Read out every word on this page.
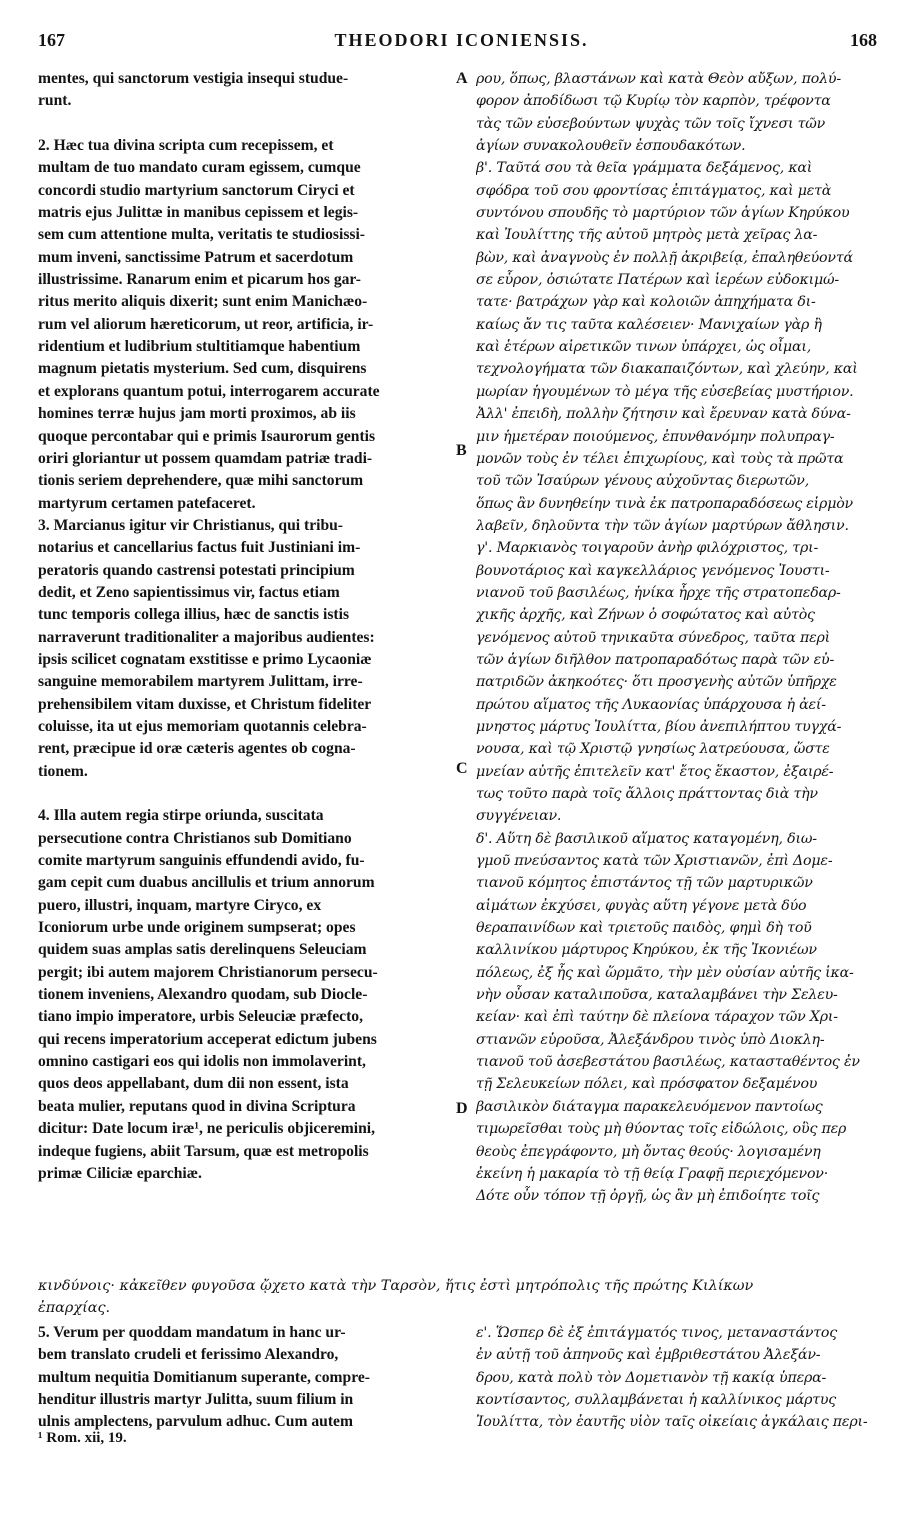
167	THEODORI ICONIENSIS.	168
mentes, qui sanctorum vestigia insequi studue-
runt.
2. Hæc tua divina scripta cum recepissem, et
multam de tuo mandato curam egissem, cumque
concordi studio martyrium sanctorum Ciryci et
matris ejus Julittæ in manibus cepissem et legis-
sem cum attentione multa, veritatis te studiosissi-
mum inveni, sanctissime Patrum et sacerdotum
illustrissime. Ranarum enim et picarum hos gar-
ritus merito aliquis dixerit; sunt enim Manichæo-
rum vel aliorum hæreticorum, ut reor, artificia, ir-
ridentium et ludibrium stultitiamque habentium
magnum pietatis mysterium. Sed cum, disquirens
et explorans quantum potui, interrogarem accurate
homines terræ hujus jam morti proximos, ab iis
quoque percontabar qui e primis Isaurorum gentis
oriri gloriantur ut possem quamdam patriæ tradi-
tionis seriem deprehendere, quæ mihi sanctorum
martyrum certamen patefaceret.
3. Marcianus igitur vir Christianus, qui tribu-
notarius et cancellarius factus fuit Justiniani im-
peratoris quando castrensi potestati principium
dedit, et Zeno sapientissimus vir, factus etiam
tunc temporis collega illius, hæc de sanctis istis
narraverunt traditionaliter a majoribus audientes:
ipsis scilicet cognatam exstitisse e primo Lycaoniæ
sanguine memorabilem martyrem Julittam, irre-
prehensibilem vitam duxisse, et Christum fideliter
coluisse, ita ut ejus memoriam quotannis celebra-
rent, præcipue id oræ cæteris agentes ob cogna-
tionem.
4. Illa autem regia stirpe oriunda, suscitata
persecutione contra Christianos sub Domitiano
comite martyrum sanguinis effundendi avido, fu-
gam cepit cum duabus ancillulis et trium annorum
puero, illustri, inquam, martyre Ciryco, ex
Iconiorum urbe unde originem sumpserat; opes
quidem suas amplas satis derelinquens Seleuciam
pergit; ibi autem majorem Christianorum persecu-
tionem inveniens, Alexandro quodam, sub Diocle-
tiano impio imperatore, urbis Seleuciæ præfecto,
qui recens imperatorium acceperat edictum jubens
omnino castigari eos qui idolis non immolaverint,
quos deos appellabant, dum dii non essent, ista
beata mulier, reputans quod in divina Scriptura
dicitur: Date locum iræ¹, ne periculis objiceremini,
indeque fugiens, abiit Tarsum, quæ est metropolis
primæ Ciliciæ eparchiæ.
ρου, ὅπως, βλαστάνων καὶ κατὰ Θεὸν αὔξων, πολύ-
φορον ἀποδίδωσι τῷ Κυρίῳ τὸν καρπὸν, τρέφοντα
τὰς τῶν εὐσεβούντων ψυχὰς τῶν τοῖς ἴχνεσι τῶν
ἁγίων συνακολουθεῖν ἐσπουδακότων.
β'. Ταῦτά σου τὰ θεῖα γράμματα δεξάμενος, καὶ
σφόδρα τοῦ σου φροντίσας ἐπιτάγματος, καὶ μετὰ
συντόνου σπουδῆς τὸ μαρτύριον τῶν ἁγίων Κηρύκου
καὶ Ἰουλίττης τῆς αὐτοῦ μητρὸς μετὰ χεῖρας λα-
βὼν, καὶ ἀναγνοὺς ἐν πολλῇ ἀκριβείᾳ, ἐπαληθεύοντά
σε εὗρον, ὁσιώτατε Πατέρων καὶ ἱερέων εὐδοκιμώ-
τατε· βατράχων γὰρ καὶ κολοιῶν ἀπηχήματα δι-
καίως ἄν τις ταῦτα καλέσειεν· Μανιχαίων γὰρ ἢ
καὶ ἑτέρων αἱρετικῶν τινων ὑπάρχει, ὡς οἶμαι,
τεχνολογήματα τῶν διακαπαιζόντων, καὶ χλεύην, καὶ
μωρίαν ἡγουμένων τὸ μέγα τῆς εὐσεβείας μυστήριον.
Ἀλλ' ἐπειδὴ, πολλὴν ζήτησιν καὶ ἔρευναν κατὰ δύνα-
μιν ἡμετέραν ποιούμενος, ἐπυνθανόμην πολυπραγ-
μονῶν τοὺς ἐν τέλει ἐπιχωρίους, καὶ τοὺς τὰ πρῶτα
τοῦ τῶν Ἰσαύρων γένους αὐχοῦντας διερωτῶν,
ὅπως ἂν δυνηθείην τινὰ ἐκ πατροπαραδόσεως εἱρμὸν
λαβεῖν, δηλοῦντα τὴν τῶν ἁγίων μαρτύρων ἄθλησιν.
γ'. Μαρκιανὸς τοιγαροῦν ἀνὴρ φιλόχριστος, τρι-
βουνοτάριος καὶ καγκελλάριος γενόμενος Ἰουστι-
νιανοῦ τοῦ βασιλέως, ἡνίκα ἦρχε τῆς στρατοπεδαρ-
χικῆς ἀρχῆς, καὶ Ζήνων ὁ σοφώτατος καὶ αὐτὸς
γενόμενος αὐτοῦ τηνικαῦτα σύνεδρος, ταῦτα περὶ
τῶν ἁγίων διῆλθον πατροπαραδότως παρὰ τῶν εὐ-
πατριδῶν ἀκηκοότες· ὅτι προσγενὴς αὐτῶν ὑπῆρχε
πρώτου αἵματος τῆς Λυκαονίας ὑπάρχουσα ἡ ἀεί-
μνηστος μάρτυς Ἰουλίττα, βίου ἀνεπιλήπτου τυγχά-
νουσα, καὶ τῷ Χριστῷ γνησίως λατρεύουσα, ὥστε
μνείαν αὐτῆς ἐπιτελεῖν κατ' ἔτος ἕκαστον, ἐξαιρέ-
τως τοῦτο παρὰ τοῖς ἄλλοις πράττοντας διὰ τὴν
συγγένειαν.
δ'. Αὕτη δὲ βασιλικοῦ αἵματος καταγομένη, διω-
γμοῦ πνεύσαντος κατὰ τῶν Χριστιανῶν, ἐπὶ Δομε-
τιανοῦ κόμητος ἐπιστάντος τῇ τῶν μαρτυρικῶν
αἱμάτων ἐκχύσει, φυγὰς αὕτη γέγονε μετὰ δύο
θεραπαινίδων καὶ τριετοῦς παιδὸς, φημὶ δὴ τοῦ
καλλινίκου μάρτυρος Κηρύκου, ἐκ τῆς Ἰκονιέων
πόλεως, ἐξ ἧς καὶ ὥρμᾶτο, τὴν μὲν οὐσίαν αὐτῆς ἱκα-
νὴν οὖσαν καταλιποῦσα, καταλαμβάνει τὴν Σελευ-
κείαν· καὶ ἐπὶ ταύτην δὲ πλείονα τάραχον τῶν Χρι-
στιανῶν εὑροῦσα, Ἀλεξάνδρου τινὸς ὑπὸ Διοκλη-
τιανοῦ τοῦ ἀσεβεστάτου βασιλέως, κατασταθέντος ἐν
τῇ Σελευκείων πόλει, καὶ πρόσφατον δεξαμένου
βασιλικὸν διάταγμα παρακελευόμενον παντοίως
τιμωρεῖσθαι τοὺς μὴ θύοντας τοῖς εἰδώλοις, οὓς περ
θεοὺς ἐπεγράφοντο, μὴ ὄντας θεούς· λογισαμένη
ἐκείνη ἡ μακαρία τὸ τῇ θείᾳ Γραφῇ περιεχόμενον·
Δότε οὖν τόπον τῇ ὀργῇ, ὡς ἂν μὴ ἐπιδοίητε τοῖς
A
B
C
D
κινδύνοις· κἀκεῖθεν φυγοῦσα ᾤχετο κατὰ τὴν Ταρσὸν, ἥτις ἐστὶ μητρόπολις τῆς πρώτης Κιλίκων
ἐπαρχίας.
5. Verum per quoddam mandatum in hanc ur-
bem translato crudeli et ferissimo Alexandro,
multum nequitia Domitianum superante, compre-
henditur illustris martyr Julitta, suum filium in
ulnis amplectens, parvulum adhuc. Cum autem
ε'. Ὥσπερ δὲ ἐξ ἐπιτάγματός τινος, μεταναστάντος
ἐν αὐτῇ τοῦ ἀπηνοῦς καὶ ἐμβριθεστάτου Ἀλεξάν-
δρου, κατὰ πολὺ τὸν Δομετιανὸν τῇ κακίᾳ ὑπερα-
κοντίσαντος, συλλαμβάνεται ἡ καλλίνικος μάρτυς
Ἰουλίττα, τὸν ἑαυτῆς υἱὸν ταῖς οἰκείαις ἀγκάλαις περι-
¹ Rom. xii, 19.
